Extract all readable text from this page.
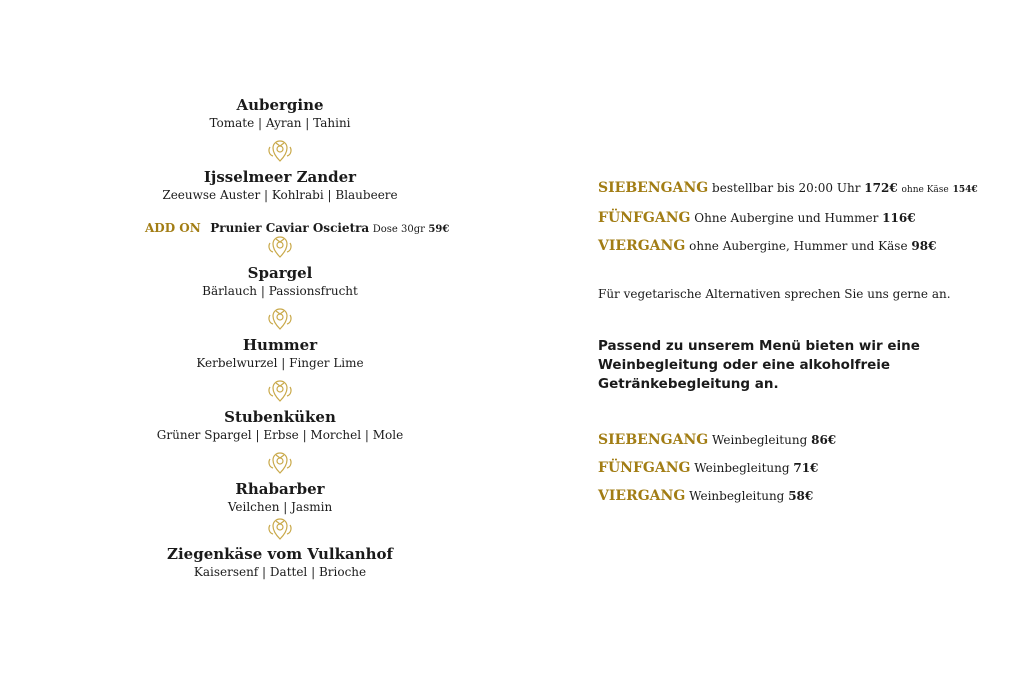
Aubergine
Tomate | Ayran | Tahini
Ijsselmeer Zander
Zeeuwse Auster | Kohlrabi | Blaubeere
Spargel
Bärlauch | Passionsfrucht
Hummer
Kerbelwurzel | Finger Lime
Stubenküken
Grüner Spargel | Erbse | Morchel | Mole
Rhabarber
Veilchen | Jasmin
Ziegenkäse vom Vulkanhof
Kaisersenf | Dattel | Brioche
ADD ON Prunier Caviar Oscietra Dose 30gr 59€
SIEBENGANG bestellbar bis 20:00 Uhr 172€ ohne Käse 154€
FÜNFGANG Ohne Aubergine und Hummer 116€
VIERGANG ohne Aubergine, Hummer und Käse 98€
Für vegetarische Alternativen sprechen Sie uns gerne an.
Passend zu unserem Menü bieten wir eine Weinbegleitung oder eine alkoholfreie Getränkebegleitung an.
SIEBENGANG Weinbegleitung 86€
FÜNFGANG Weinbegleitung 71€
VIERGANG Weinbegleitung 58€
